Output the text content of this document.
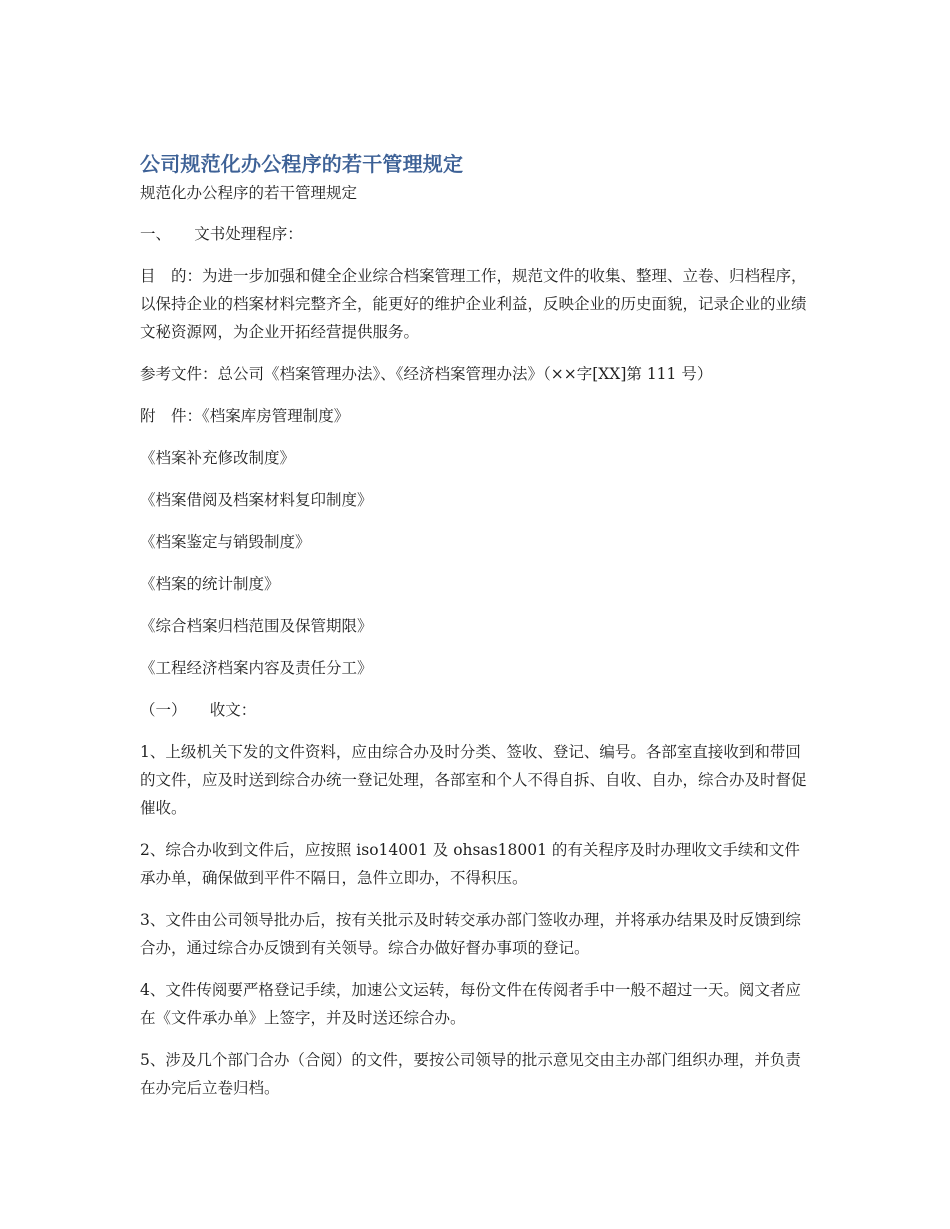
公司规范化办公程序的若干管理规定

规范化办公程序的若干管理规定

一、　　文书处理程序：

目　的：为进一步加强和健全企业综合档案管理工作，规范文件的收集、整理、立卷、归档程序，以保持企业的档案材料完整齐全，能更好的维护企业利益，反映企业的历史面貌，记录企业的业绩文秘资源网，为企业开拓经营提供服务。

参考文件：总公司《档案管理办法》、《经济档案管理办法》（××字[XX]第 111 号）

附　件：《档案库房管理制度》

《档案补充修改制度》

《档案借阅及档案材料复印制度》

《档案鉴定与销毁制度》

《档案的统计制度》

《综合档案归档范围及保管期限》

《工程经济档案内容及责任分工》

（一）　　收文：

1、上级机关下发的文件资料，应由综合办及时分类、签收、登记、编号。各部室直接收到和带回的文件，应及时送到综合办统一登记处理，各部室和个人不得自拆、自收、自办，综合办及时督促催收。

2、综合办收到文件后，应按照 iso14001 及 ohsas18001 的有关程序及时办理收文手续和文件承办单，确保做到平件不隔日，急件立即办，不得积压。

3、文件由公司领导批办后，按有关批示及时转交承办部门签收办理，并将承办结果及时反馈到综合办，通过综合办反馈到有关领导。综合办做好督办事项的登记。

4、文件传阅要严格登记手续，加速公文运转，每份文件在传阅者手中一般不超过一天。阅文者应在《文件承办单》上签字，并及时送还综合办。

5、涉及几个部门合办（合阅）的文件，要按公司领导的批示意见交由主办部门组织办理，并负责在办完后立卷归档。
